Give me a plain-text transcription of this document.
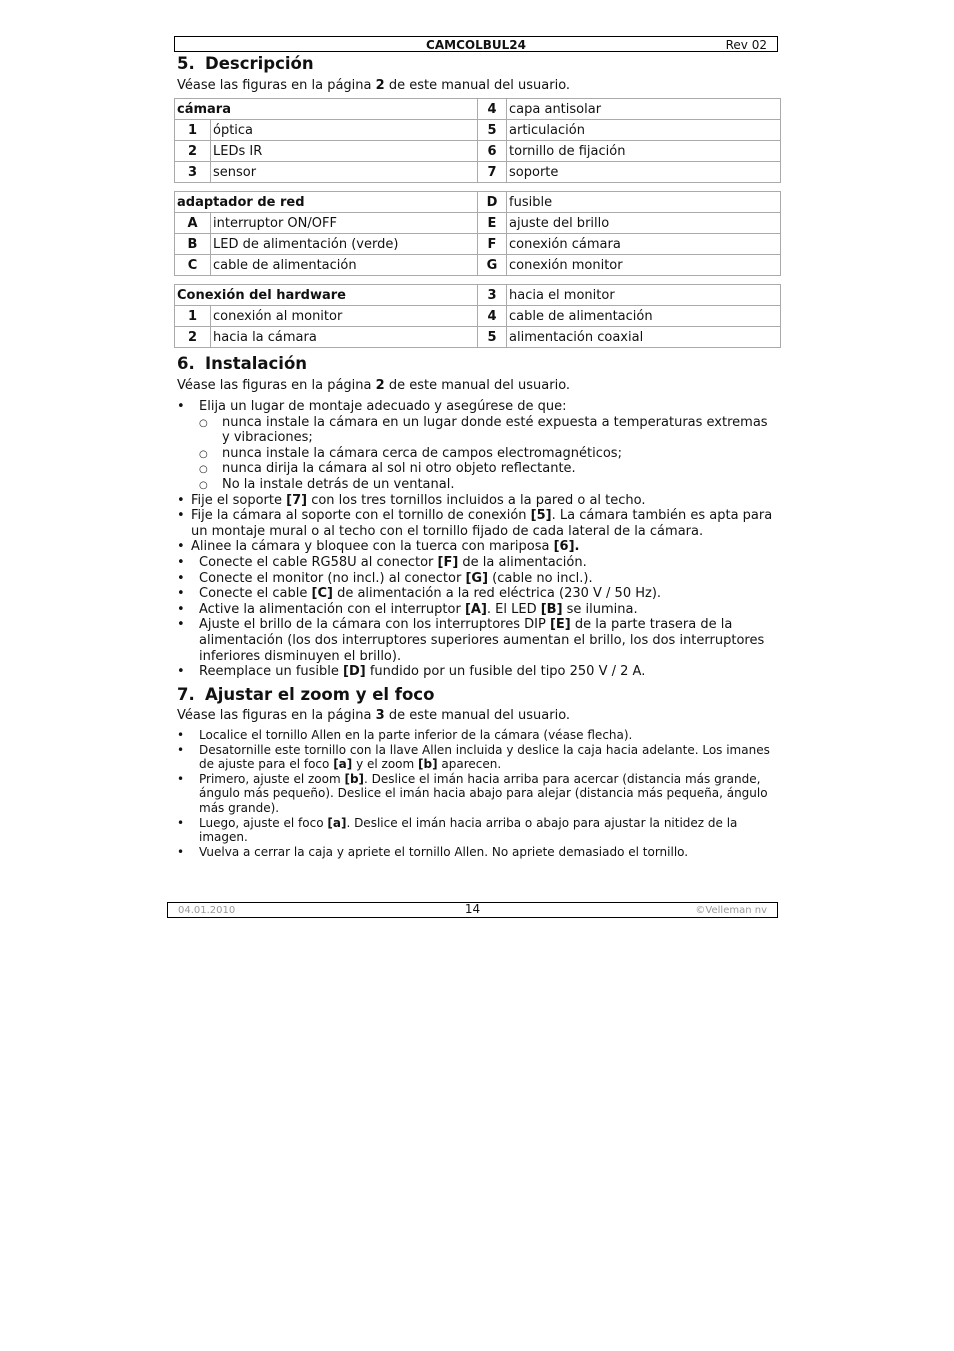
CAMCOLBUL24	Rev 02
5. Descripción
Véase las figuras en la página 2 de este manual del usuario.
cámara		4	capa antisolar
1	óptica	5	articulación
2	LEDs IR	6	tornillo de fijación
3	sensor	7	soporte
adaptador de red		D	fusible
A	interruptor ON/OFF	E	ajuste del brillo
B	LED de alimentación (verde)	F	conexión cámara
C	cable de alimentación	G	conexión monitor
Conexión del hardware		3	hacia el monitor
1	conexión al monitor	4	cable de alimentación
2	hacia la cámara	5	alimentación coaxial
6. Instalación
Véase las figuras en la página 2 de este manual del usuario.
• Elija un lugar de montaje adecuado y asegúrese de que:
○ nunca instale la cámara en un lugar donde esté expuesta a temperaturas extremas y vibraciones;
○ nunca instale la cámara cerca de campos electromagnéticos;
○ nunca dirija la cámara al sol ni otro objeto reflectante.
○ No la instale detrás de un ventanal.
• Fije el soporte [7] con los tres tornillos incluidos a la pared o al techo.
• Fije la cámara al soporte con el tornillo de conexión [5]. La cámara también es apta para un montaje mural o al techo con el tornillo fijado de cada lateral de la cámara.
• Alinee la cámara y bloquee con la tuerca con mariposa [6].
• Conecte el cable RG58U al conector [F] de la alimentación.
• Conecte el monitor (no incl.) al conector [G] (cable no incl.).
• Conecte el cable [C] de alimentación a la red eléctrica (230 V / 50 Hz).
• Active la alimentación con el interruptor [A]. El LED [B] se ilumina.
• Ajuste el brillo de la cámara con los interruptores DIP [E] de la parte trasera de la alimentación (los dos interruptores superiores aumentan el brillo, los dos interruptores inferiores disminuyen el brillo).
• Reemplace un fusible [D] fundido por un fusible del tipo 250 V / 2 A.
7. Ajustar el zoom y el foco
Véase las figuras en la página 3 de este manual del usuario.
• Localice el tornillo Allen en la parte inferior de la cámara (véase flecha).
• Desatornille este tornillo con la llave Allen incluida y deslice la caja hacia adelante. Los imanes de ajuste para el foco [a] y el zoom [b] aparecen.
• Primero, ajuste el zoom [b]. Deslice el imán hacia arriba para acercar (distancia más grande, ángulo más pequeño). Deslice el imán hacia abajo para alejar (distancia más pequeña, ángulo más grande).
• Luego, ajuste el foco [a]. Deslice el imán hacia arriba o abajo para ajustar la nitidez de la imagen.
• Vuelva a cerrar la caja y apriete el tornillo Allen. No apriete demasiado el tornillo.
04.01.2010	14	©Velleman nv
